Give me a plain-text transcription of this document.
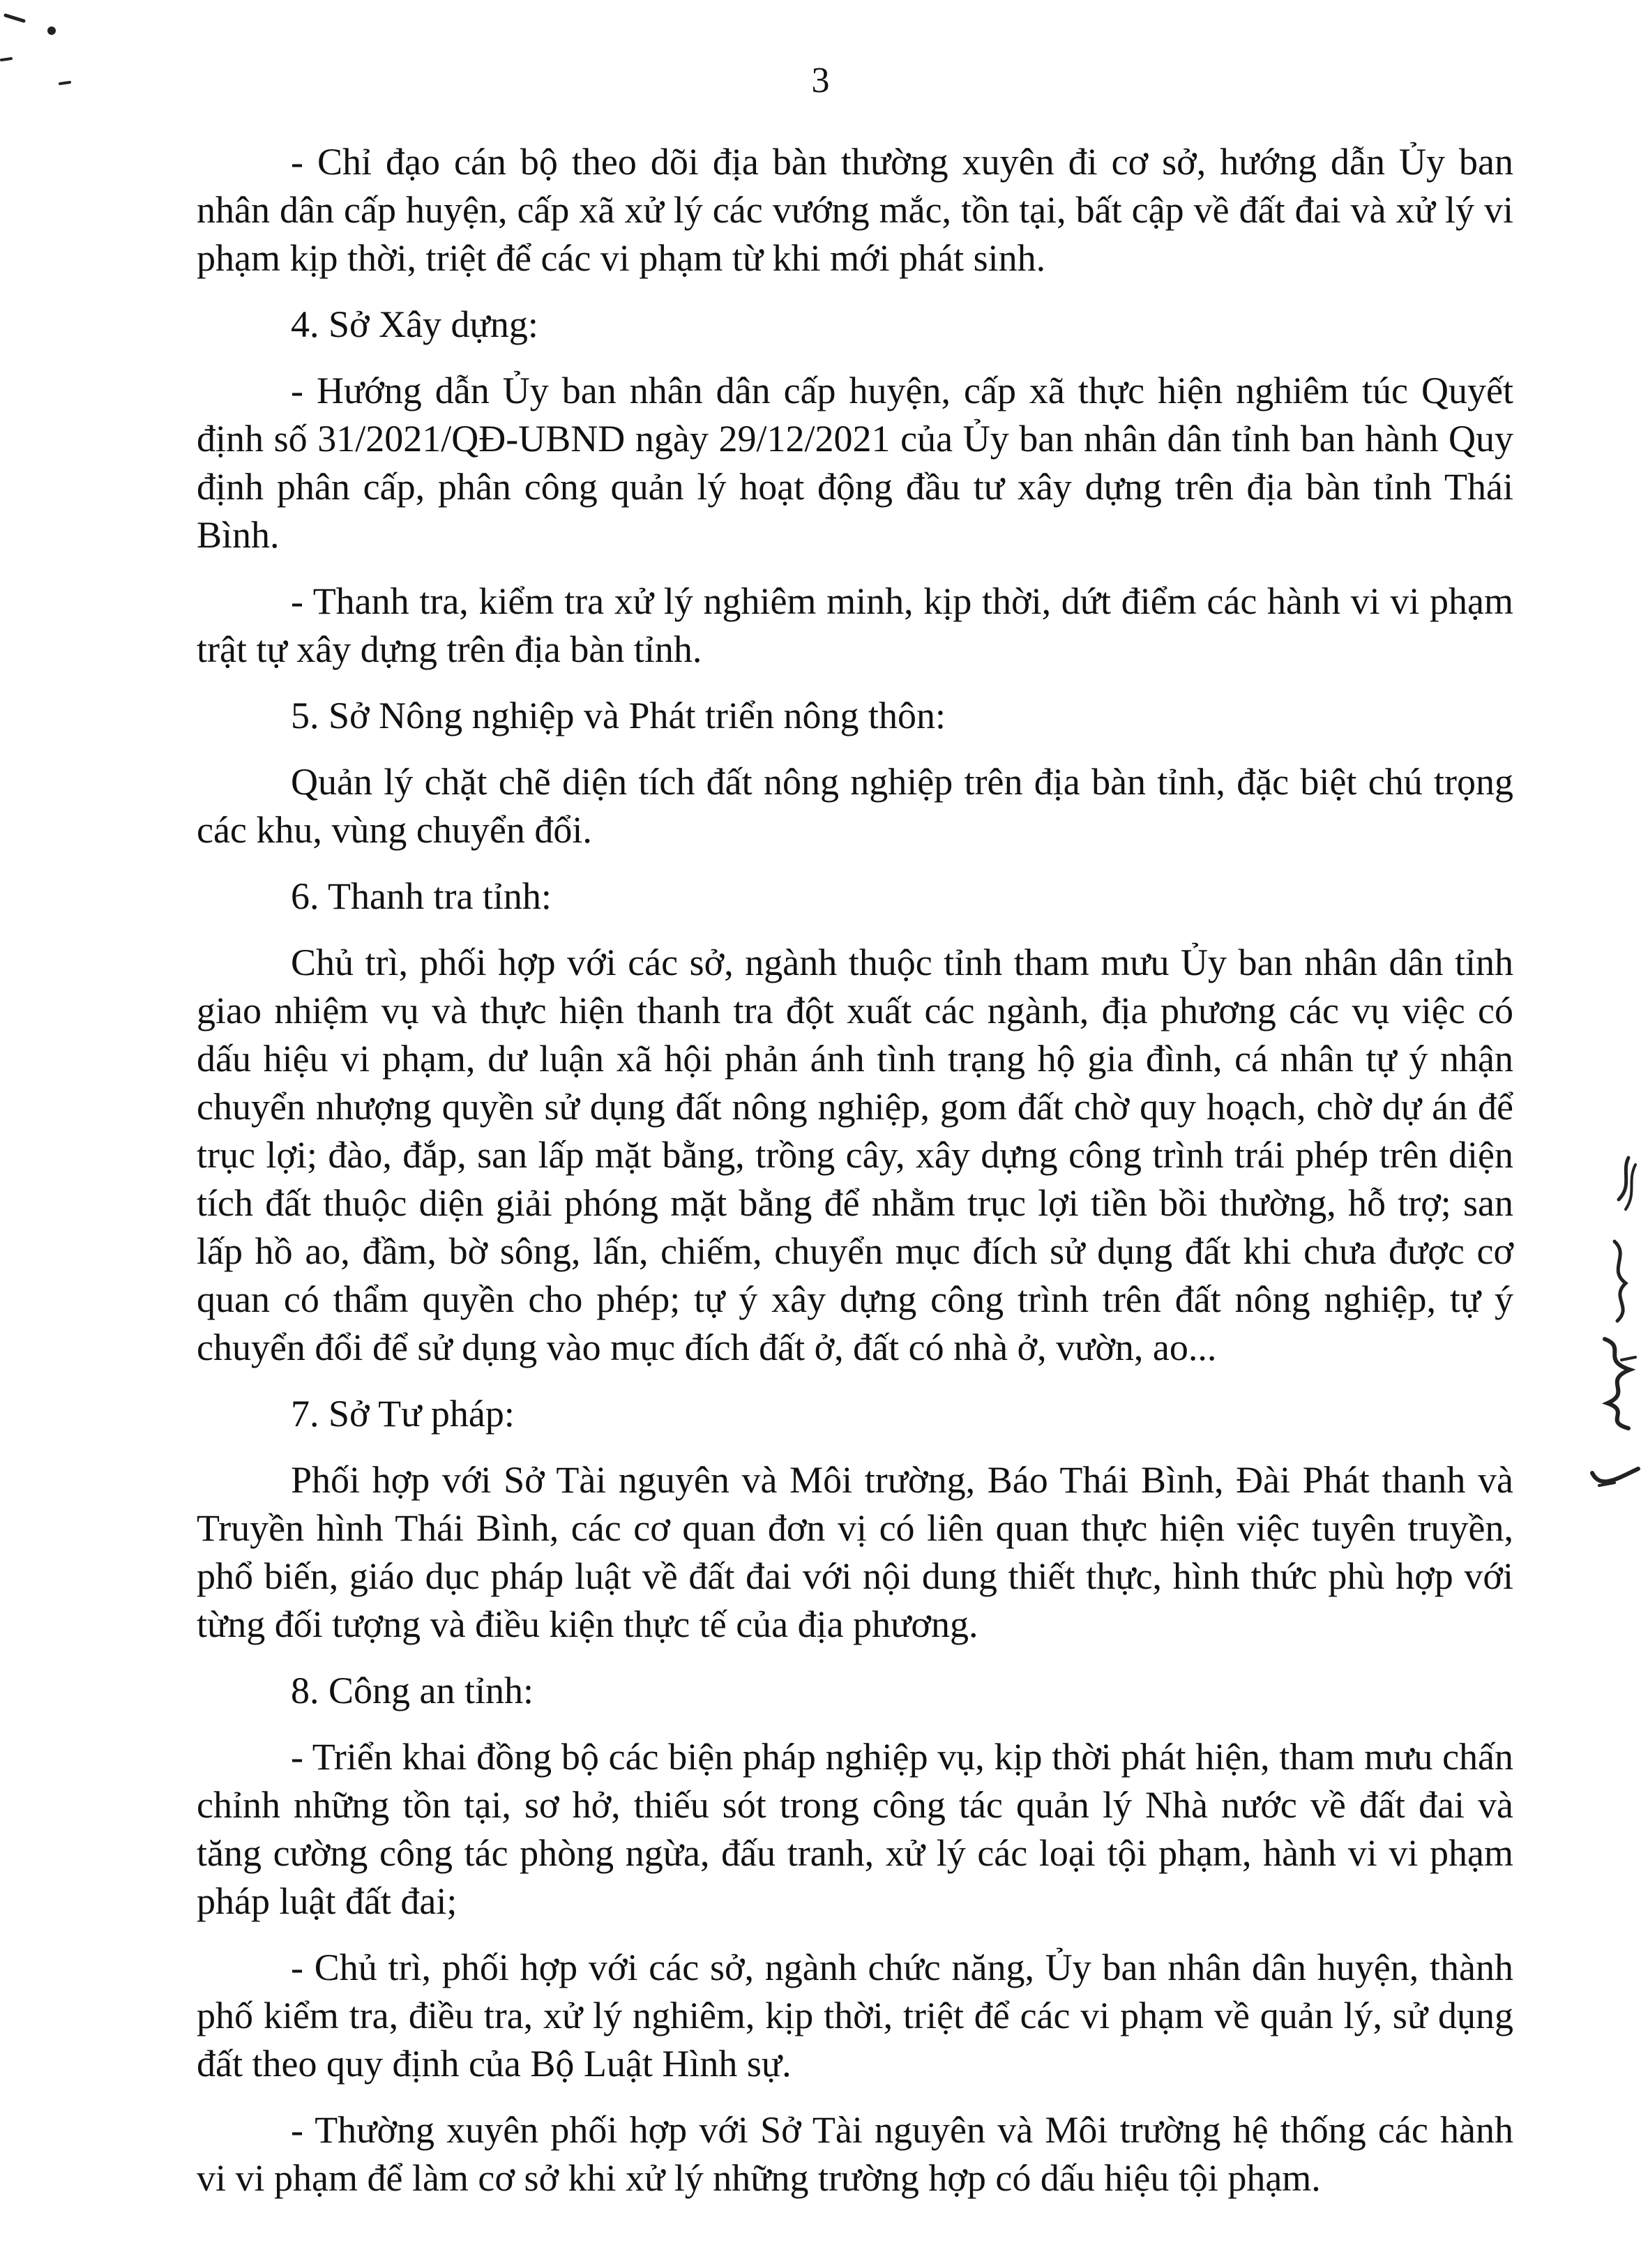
3

- Chỉ đạo cán bộ theo dõi địa bàn thường xuyên đi cơ sở, hướng dẫn Ủy ban nhân dân cấp huyện, cấp xã xử lý các vướng mắc, tồn tại, bất cập về đất đai và xử lý vi phạm kịp thời, triệt để các vi phạm từ khi mới phát sinh.

4. Sở Xây dựng:

- Hướng dẫn Ủy ban nhân dân cấp huyện, cấp xã thực hiện nghiêm túc Quyết định số 31/2021/QĐ-UBND ngày 29/12/2021 của Ủy ban nhân dân tỉnh ban hành Quy định phân cấp, phân công quản lý hoạt động đầu tư xây dựng trên địa bàn tỉnh Thái Bình.

- Thanh tra, kiểm tra xử lý nghiêm minh, kịp thời, dứt điểm các hành vi vi phạm trật tự xây dựng trên địa bàn tỉnh.

5. Sở Nông nghiệp và Phát triển nông thôn:

Quản lý chặt chẽ diện tích đất nông nghiệp trên địa bàn tỉnh, đặc biệt chú trọng các khu, vùng chuyển đổi.

6. Thanh tra tỉnh:

Chủ trì, phối hợp với các sở, ngành thuộc tỉnh tham mưu Ủy ban nhân dân tỉnh giao nhiệm vụ và thực hiện thanh tra đột xuất các ngành, địa phương các vụ việc có dấu hiệu vi phạm, dư luận xã hội phản ánh tình trạng hộ gia đình, cá nhân tự ý nhận chuyển nhượng quyền sử dụng đất nông nghiệp, gom đất chờ quy hoạch, chờ dự án để trục lợi; đào, đắp, san lấp mặt bằng, trồng cây, xây dựng công trình trái phép trên diện tích đất thuộc diện giải phóng mặt bằng để nhằm trục lợi tiền bồi thường, hỗ trợ; san lấp hồ ao, đầm, bờ sông, lấn, chiếm, chuyển mục đích sử dụng đất khi chưa được cơ quan có thẩm quyền cho phép; tự ý xây dựng công trình trên đất nông nghiệp, tự ý chuyển đổi để sử dụng vào mục đích đất ở, đất có nhà ở, vườn, ao...

7. Sở Tư pháp:

Phối hợp với Sở Tài nguyên và Môi trường, Báo Thái Bình, Đài Phát thanh và Truyền hình Thái Bình, các cơ quan đơn vị có liên quan thực hiện việc tuyên truyền, phổ biến, giáo dục pháp luật về đất đai với nội dung thiết thực, hình thức phù hợp với từng đối tượng và điều kiện thực tế của địa phương.

8. Công an tỉnh:

- Triển khai đồng bộ các biện pháp nghiệp vụ, kịp thời phát hiện, tham mưu chấn chỉnh những tồn tại, sơ hở, thiếu sót trong công tác quản lý Nhà nước về đất đai và tăng cường công tác phòng ngừa, đấu tranh, xử lý các loại tội phạm, hành vi vi phạm pháp luật đất đai;

- Chủ trì, phối hợp với các sở, ngành chức năng, Ủy ban nhân dân huyện, thành phố kiểm tra, điều tra, xử lý nghiêm, kịp thời, triệt để các vi phạm về quản lý, sử dụng đất theo quy định của Bộ Luật Hình sự.

- Thường xuyên phối hợp với Sở Tài nguyên và Môi trường hệ thống các hành vi vi phạm để làm cơ sở khi xử lý những trường hợp có dấu hiệu tội phạm.
